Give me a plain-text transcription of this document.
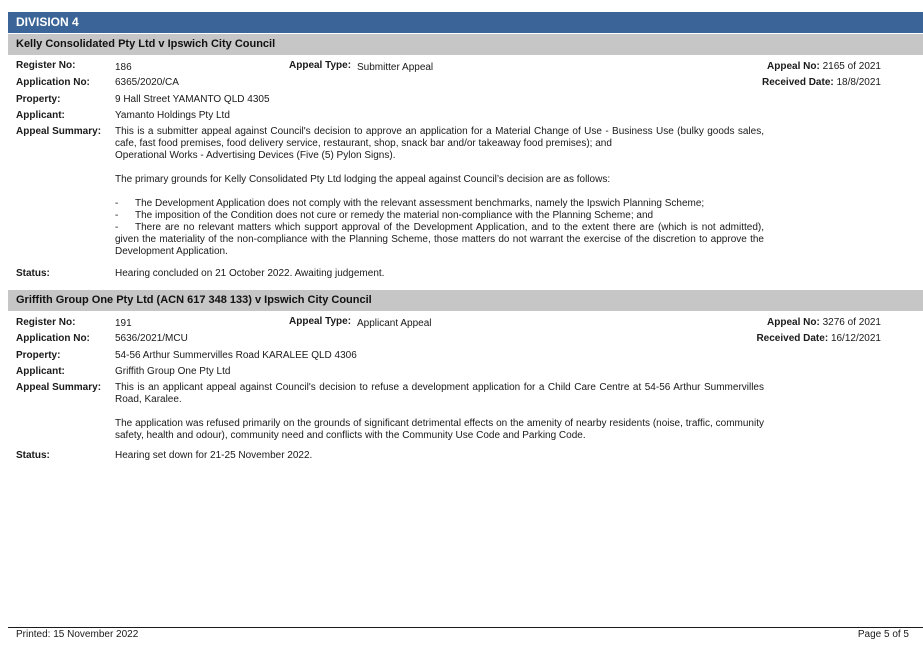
DIVISION 4
Kelly Consolidated Pty Ltd v Ipswich City Council
Register No:	186	Appeal Type: Submitter Appeal	Appeal No: 2165 of 2021
Application No:	6365/2020/CA	Received Date: 18/8/2021
Property:	9 Hall Street YAMANTO QLD 4305
Applicant:	Yamanto Holdings Pty Ltd
Appeal Summary: This is a submitter appeal against Council's decision to approve an application for a Material Change of Use - Business Use (bulky goods sales, cafe, fast food premises, food delivery service, restaurant, shop, snack bar and/or takeaway food premises); and

Operational Works - Advertising Devices (Five (5) Pylon Signs).

The primary grounds for Kelly Consolidated Pty Ltd lodging the appeal against Council’s decision are as follows:

- The Development Application does not comply with the relevant assessment benchmarks, namely the Ipswich Planning Scheme;

- The imposition of the Condition does not cure or remedy the material non-compliance with the Planning Scheme; and

- There are no relevant matters which support approval of the Development Application, and to the extent there are (which is not admitted), given the materiality of the non-compliance with the Planning Scheme, those matters do not warrant the exercise of the discretion to approve the Development Application.

Status:	Hearing concluded on 21 October 2022. Awaiting judgement.
Griffith Group One Pty Ltd (ACN 617 348 133) v Ipswich City Council
Register No:	191	Appeal Type: Applicant Appeal	Appeal No: 3276 of 2021
Application No:	5636/2021/MCU	Received Date: 16/12/2021
Property:	54-56 Arthur Summervilles Road KARALEE QLD 4306
Applicant:	Griffith Group One Pty Ltd
Appeal Summary: This is an applicant appeal against Council's decision to refuse a development application for a Child Care Centre at 54-56 Arthur Summervilles Road, Karalee.

The application was refused primarily on the grounds of significant detrimental effects on the amenity of nearby residents (noise, traffic, community safety, health and odour), community need and conflicts with the Community Use Code and Parking Code.

Status:	Hearing set down for 21-25 November 2022.
Printed: 15 November 2022	Page 5 of 5
